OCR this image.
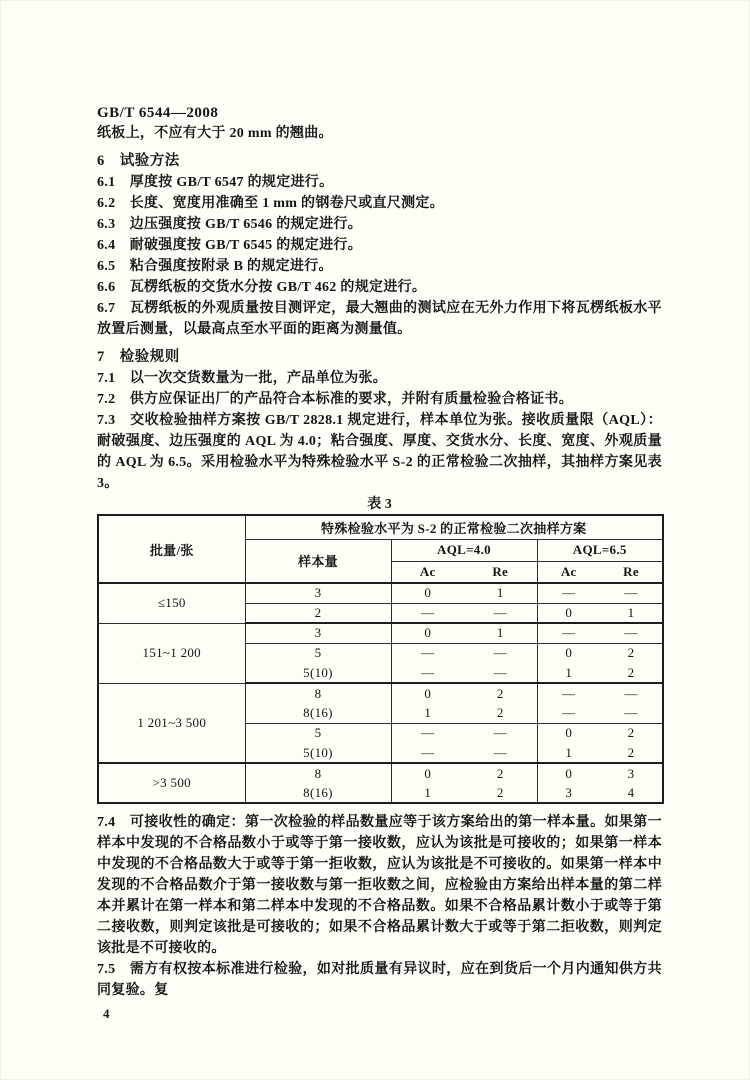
GB/T 6544—2008

纸板上，不应有大于 20 mm 的翘曲。

6　试验方法

6.1　厚度按 GB/T 6547 的规定进行。

6.2　长度、宽度用准确至 1 mm 的钢卷尺或直尺测定。

6.3　边压强度按 GB/T 6546 的规定进行。

6.4　耐破强度按 GB/T 6545 的规定进行。

6.5　粘合强度按附录 B 的规定进行。

6.6　瓦楞纸板的交货水分按 GB/T 462 的规定进行。

6.7　瓦楞纸板的外观质量按目测评定，最大翘曲的测试应在无外力作用下将瓦楞纸板水平放置后测量，以最高点至水平面的距离为测量值。

7　检验规则

7.1　以一次交货数量为一批，产品单位为张。

7.2　供方应保证出厂的产品符合本标准的要求，并附有质量检验合格证书。

7.3　交收检验抽样方案按 GB/T 2828.1 规定进行，样本单位为张。接收质量限（AQL）：耐破强度、边压强度的 AQL 为 4.0；粘合强度、厚度、交货水分、长度、宽度、外观质量的 AQL 为 6.5。采用检验水平为特殊检验水平 S-2 的正常检验二次抽样，其抽样方案见表 3。

表 3
批量/张	特殊检验水平为 S-2 的正常检验二次抽样方案				
	样本量	AQL=4.0		AQL=6.5	
		Ac	Re	Ac	Re
≤150	3	0	1	—	—
	2	—	—	0	1
151~1 200	3	0	1	—	—
	5	—	—	0	2
	5(10)	—	—	1	2
1 201~3 500	8	0	2	—	—
	8(16)	1	2	—	—
	5	—	—	0	2
	5(10)	—	—	1	2
>3 500	8	0	2	0	3
	8(16)	1	2	3	4

7.4　可接收性的确定：第一次检验的样品数量应等于该方案给出的第一样本量。如果第一样本中发现的不合格品数小于或等于第一接收数，应认为该批是可接收的；如果第一样本中发现的不合格品数大于或等于第一拒收数，应认为该批是不可接收的。如果第一样本中发现的不合格品数介于第一接收数与第一拒收数之间，应检验由方案给出样本量的第二样本并累计在第一样本和第二样本中发现的不合格品数。如果不合格品累计数小于或等于第二接收数，则判定该批是可接收的；如果不合格品累计数大于或等于第二拒收数，则判定该批是不可接收的。

7.5　需方有权按本标准进行检验，如对批质量有异议时，应在到货后一个月内通知供方共同复验。复

4
